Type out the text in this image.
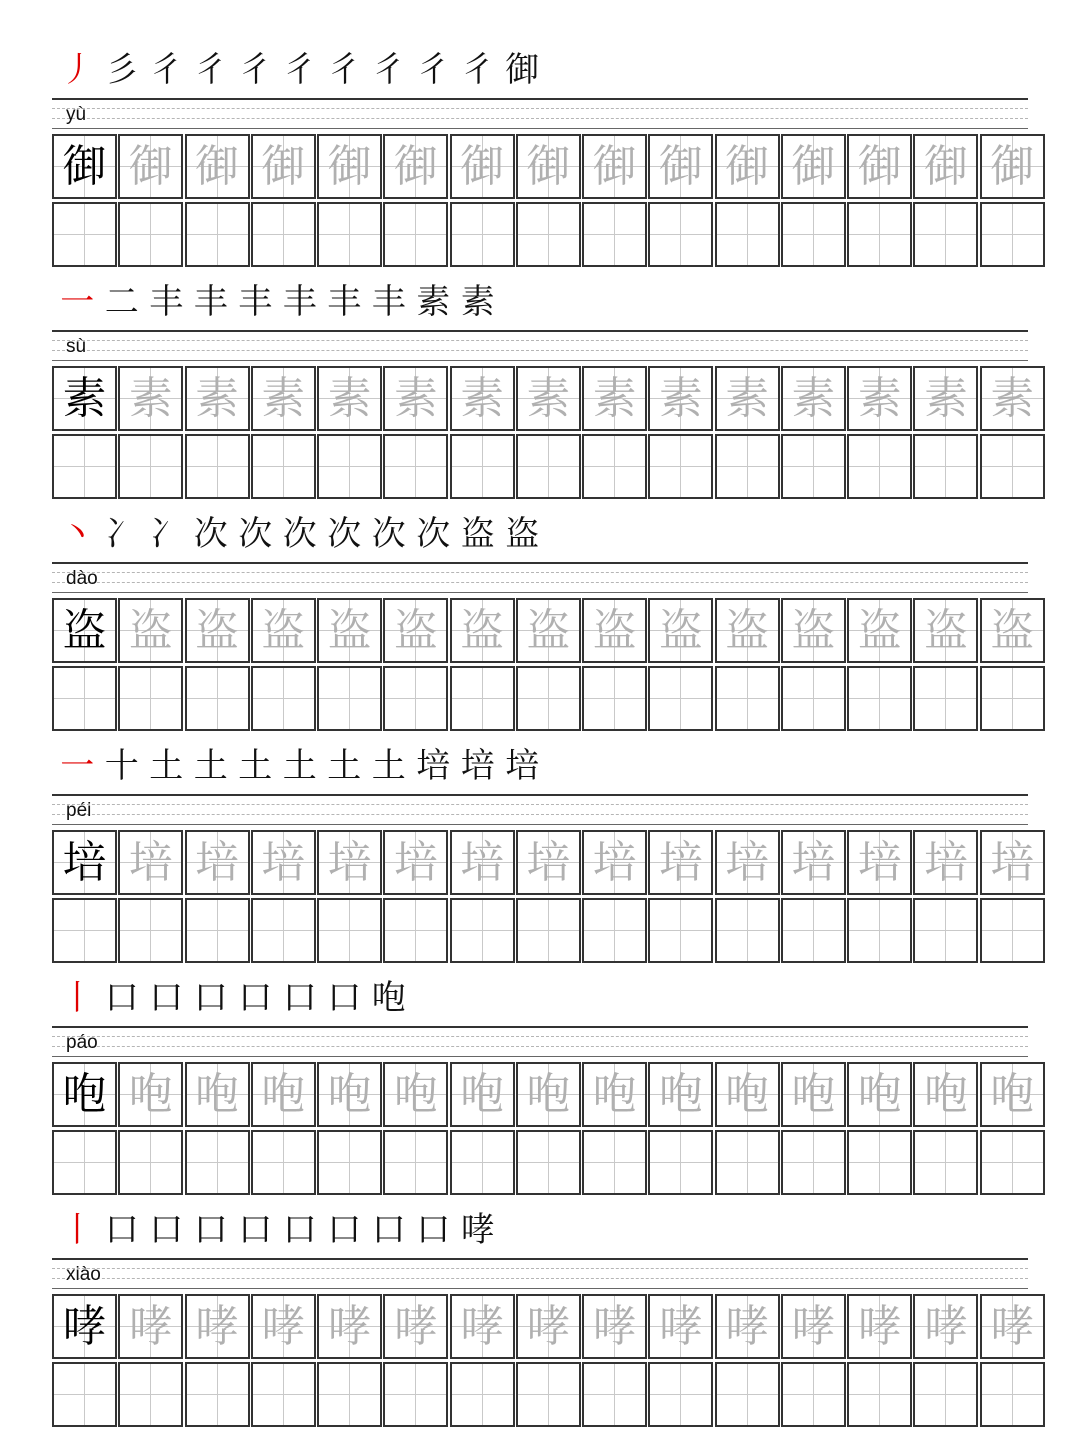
丿 彡 彳 彳 彳 彳 彳 彳 彳 彳 御
yù
御 御 御 御 御 御 御 御 御 御 御 御 御 御 御
一 二 丰 丰 丰 丰 丰 丰 素 素
sù
素 素 素 素 素 素 素 素 素 素 素 素 素 素 素
丶 冫 冫 次 次 次 次 次 次 盗 盗
dào
盗 盗 盗 盗 盗 盗 盗 盗 盗 盗 盗 盗 盗 盗 盗
一 十 土 土 土 土 土 土 培 培 培
péi
培 培 培 培 培 培 培 培 培 培 培 培 培 培 培
丨 口 口 口 口 口 口 咆
páo
咆 咆 咆 咆 咆 咆 咆 咆 咆 咆 咆 咆 咆 咆 咆
丨 口 口 口 口 口 口 口 口 哮
xiào
哮 哮 哮 哮 哮 哮 哮 哮 哮 哮 哮 哮 哮 哮 哮
